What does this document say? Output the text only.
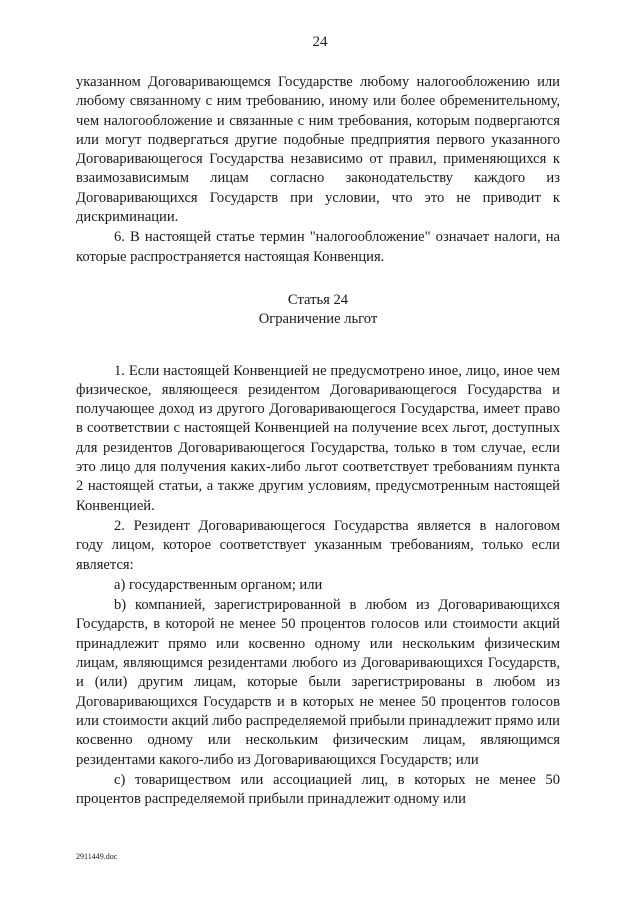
24

указанном Договаривающемся Государстве любому налогообложению или любому связанному с ним требованию, иному или более обременительному, чем налогообложение и связанные с ним требования, которым подвергаются или могут подвергаться другие подобные предприятия первого указанного Договаривающегося Государства независимо от правил, применяющихся к взаимозависимым лицам согласно законодательству каждого из Договаривающихся Государств при условии, что это не приводит к дискриминации.

6. В настоящей статье термин "налогообложение" означает налоги, на которые распространяется настоящая Конвенция.

Статья 24

Ограничение льгот

1. Если настоящей Конвенцией не предусмотрено иное, лицо, иное чем физическое, являющееся резидентом Договаривающегося Государства и получающее доход из другого Договаривающегося Государства, имеет право в соответствии с настоящей Конвенцией на получение всех льгот, доступных для резидентов Договаривающегося Государства, только в том случае, если это лицо для получения каких-либо льгот соответствует требованиям пункта 2 настоящей статьи, а также другим условиям, предусмотренным настоящей Конвенцией.

2. Резидент Договаривающегося Государства является в налоговом году лицом, которое соответствует указанным требованиям, только если является:

a) государственным органом; или

b) компанией, зарегистрированной в любом из Договаривающихся Государств, в которой не менее 50 процентов голосов или стоимости акций принадлежит прямо или косвенно одному или нескольким физическим лицам, являющимся резидентами любого из Договаривающихся Государств, и (или) другим лицам, которые были зарегистрированы в любом из Договаривающихся Государств и в которых не менее 50 процентов голосов или стоимости акций либо распределяемой прибыли принадлежит прямо или косвенно одному или нескольким физическим лицам, являющимся резидентами какого-либо из Договаривающихся Государств; или

c) товариществом или ассоциацией лиц, в которых не менее 50 процентов распределяемой прибыли принадлежит одному или

2911449.doc
